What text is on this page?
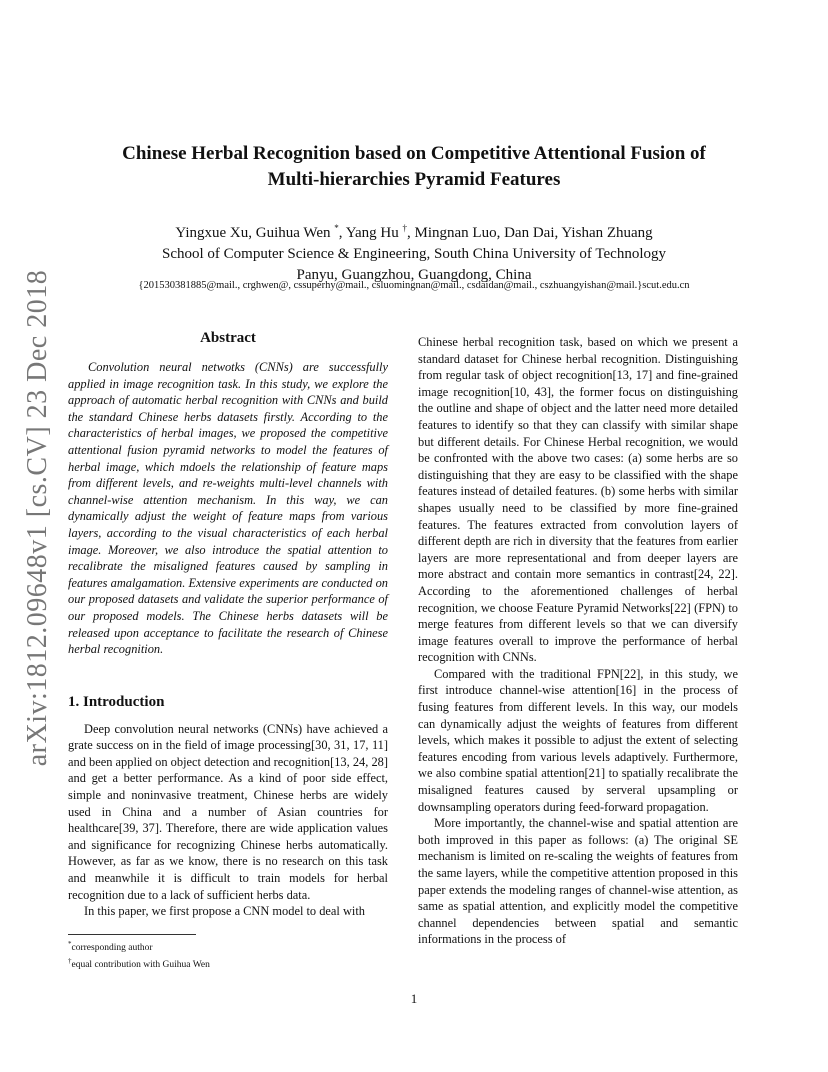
arXiv:1812.09648v1 [cs.CV] 23 Dec 2018
Chinese Herbal Recognition based on Competitive Attentional Fusion of
Multi-hierarchies Pyramid Features
Yingxue Xu, Guihua Wen *, Yang Hu †, Mingnan Luo, Dan Dai, Yishan Zhuang
School of Computer Science & Engineering, South China University of Technology
Panyu, Guangzhou, Guangdong, China
{201530381885@mail., crghwen@, cssuperhy@mail., csluomingnan@mail., csdaidan@mail., cszhuangyishan@mail.}scut.edu.cn
Abstract

Convolution neural netwotks (CNNs) are successfully applied in image recognition task. In this study, we explore the approach of automatic herbal recognition with CNNs and build the standard Chinese herbs datasets firstly. According to the characteristics of herbal images, we proposed the competitive attentional fusion pyramid networks to model the features of herbal image, which mdoels the relationship of feature maps from different levels, and re-weights multi-level channels with channel-wise attention mechanism. In this way, we can dynamically adjust the weight of feature maps from various layers, according to the visual characteristics of each herbal image. Moreover, we also introduce the spatial attention to recalibrate the misaligned features caused by sampling in features amalgamation. Extensive experiments are conducted on our proposed datasets and validate the superior performance of our proposed models. The Chinese herbs datasets will be released upon acceptance to facilitate the research of Chinese herbal recognition.

1. Introduction

Deep convolution neural networks (CNNs) have achieved a grate success on in the field of image processing[30, 31, 17, 11] and been applied on object detection and recognition[13, 24, 28] and get a better performance. As a kind of poor side effect, simple and noninvasive treatment, Chinese herbs are widely used in China and a number of Asian countries for healthcare[39, 37]. Therefore, there are wide application values and significance for recognizing Chinese herbs automatically. However, as far as we know, there is no research on this task and meanwhile it is difficult to train models for herbal recognition due to a lack of sufficient herbs data.

In this paper, we first propose a CNN model to deal with

Chinese herbal recognition task, based on which we present a standard dataset for Chinese herbal recognition. Distinguishing from regular task of object recognition[13, 17] and fine-grained image recognition[10, 43], the former focus on distinguishing the outline and shape of object and the latter need more detailed features to identify so that they can classify with similar shape but different details. For Chinese Herbal recognition, we would be confronted with the above two cases: (a) some herbs are so distinguishing that they are easy to be classified with the shape features instead of detailed features. (b) some herbs with similar shapes usually need to be classified by more fine-grained features. The features extracted from convolution layers of different depth are rich in diversity that the features from earlier layers are more representational and from deeper layers are more abstract and contain more semantics in contrast[24, 22]. According to the aforementioned challenges of herbal recognition, we choose Feature Pyramid Networks[22] (FPN) to merge features from different levels so that we can diversify image features overall to improve the performance of herbal recognition with CNNs.

Compared with the traditional FPN[22], in this study, we first introduce channel-wise attention[16] in the process of fusing features from different levels. In this way, our models can dynamically adjust the weights of features from different levels, which makes it possible to adjust the extent of selecting features encoding from various levels adaptively. Furthermore, we also combine spatial attention[21] to spatially recalibrate the misaligned features caused by serveral upsampling or downsampling operators during feed-forward propagation.

More importantly, the channel-wise and spatial attention are both improved in this paper as follows: (a) The original SE mechanism is limited on re-scaling the weights of features from the same layers, while the competitive attention proposed in this paper extends the modeling ranges of channel-wise attention, as same as spatial attention, and explicitly model the competitive channel dependencies between spatial and semantic informations in the process of

*corresponding author
†equal contribution with Guihua Wen
1
